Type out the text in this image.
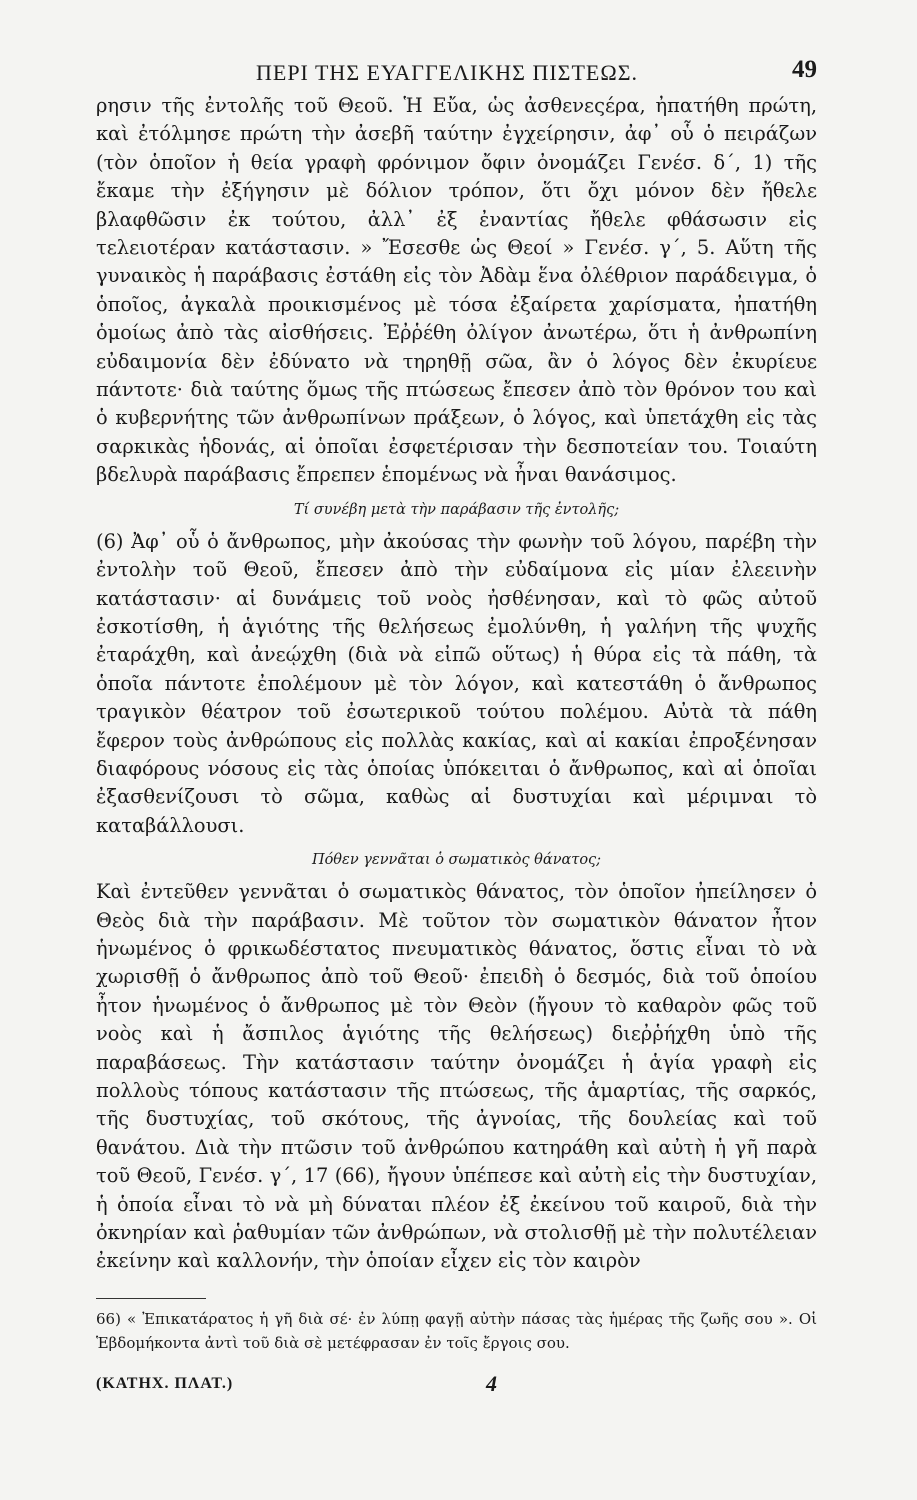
ΠΕΡΙ ΤΗΣ ΕΥΑΓΓΕΛΙΚΗΣ ΠΙΣΤΕΩΣ.	49

ρησιν τῆς ἐντολῆς τοῦ Θεοῦ. Ἡ Εὔα, ὡς ἀσθενεςέρα, ἠπατήθη πρώτη, καὶ ἐτόλμησε πρώτη τὴν ἀσεβῆ ταύτην ἐγχείρησιν, ἀφ᾽ οὗ ὁ πειράζων (τὸν ὁποῖον ἡ θεία γραφὴ φρόνιμον ὄφιν ὀνομάζει Γενέσ. δ΄, 1) τῆς ἔκαμε τὴν ἐξήγησιν μὲ δόλιον τρόπον, ὅτι ὄχι μόνον δὲν ἤθελε βλαφθῶσιν ἐκ τούτου, ἀλλ᾽ ἐξ ἐναντίας ἤθελε φθάσωσιν εἰς τελειοτέραν κατάστασιν. » Ἔσεσθε ὡς Θεοί » Γενέσ. γ΄, 5. Αὕτη τῆς γυναικὸς ἡ παράβασις ἐστάθη εἰς τὸν Ἀδὰμ ἕνα ὀλέθριον παράδειγμα, ὁ ὁποῖος, ἀγκαλὰ προικισμένος μὲ τόσα ἐξαίρετα χαρίσματα, ἠπατήθη ὁμοίως ἀπὸ τὰς αἰσθήσεις. Ἐῤῥέθη ὀλίγον ἀνωτέρω, ὅτι ἡ ἀνθρωπίνη εὐδαιμονία δὲν ἐδύνατο νὰ τηρηθῇ σῶα, ἂν ὁ λόγος δὲν ἐκυρίευε πάντοτε· διὰ ταύτης ὅμως τῆς πτώσεως ἔπεσεν ἀπὸ τὸν θρόνον του καὶ ὁ κυβερνήτης τῶν ἀνθρωπίνων πράξεων, ὁ λόγος, καὶ ὑπετάχθη εἰς τὰς σαρκικὰς ἡδονάς, αἱ ὁποῖαι ἐσφετέρισαν τὴν δεσποτείαν του. Τοιαύτη βδελυρὰ παράβασις ἔπρεπεν ἑπομένως νὰ ἦναι θανάσιμος.

Τί συνέβη μετὰ τὴν παράβασιν τῆς ἐντολῆς;

(6) Ἀφ᾽ οὗ ὁ ἄνθρωπος, μὴν ἀκούσας τὴν φωνὴν τοῦ λόγου, παρέβη τὴν ἐντολὴν τοῦ Θεοῦ, ἔπεσεν ἀπὸ τὴν εὐδαίμονα εἰς μίαν ἐλεεινὴν κατάστασιν· αἱ δυνάμεις τοῦ νοὸς ἠσθένησαν, καὶ τὸ φῶς αὐτοῦ ἐσκοτίσθη, ἡ ἁγιότης τῆς θελήσεως ἐμολύνθη, ἡ γαλήνη τῆς ψυχῆς ἐταράχθη, καὶ ἀνεῴχθη (διὰ νὰ εἰπῶ οὕτως) ἡ θύρα εἰς τὰ πάθη, τὰ ὁποῖα πάντοτε ἐπολέμουν μὲ τὸν λόγον, καὶ κατεστάθη ὁ ἄνθρωπος τραγικὸν θέατρον τοῦ ἐσωτερικοῦ τούτου πολέμου. Αὐτὰ τὰ πάθη ἔφερον τοὺς ἀνθρώπους εἰς πολλὰς κακίας, καὶ αἱ κακίαι ἐπροξένησαν διαφόρους νόσους εἰς τὰς ὁποίας ὑπόκειται ὁ ἄνθρωπος, καὶ αἱ ὁποῖαι ἐξασθενίζουσι τὸ σῶμα, καθὼς αἱ δυστυχίαι καὶ μέριμναι τὸ καταβάλλουσι.

Πόθεν γεννᾶται ὁ σωματικὸς θάνατος;

Καὶ ἐντεῦθεν γεννᾶται ὁ σωματικὸς θάνατος, τὸν ὁποῖον ἠπείλησεν ὁ Θεὸς διὰ τὴν παράβασιν. Μὲ τοῦτον τὸν σωματικὸν θάνατον ἦτον ἡνωμένος ὁ φρικωδέστατος πνευματικὸς θάνατος, ὅστις εἶναι τὸ νὰ χωρισθῇ ὁ ἄνθρωπος ἀπὸ τοῦ Θεοῦ· ἐπειδὴ ὁ δεσμός, διὰ τοῦ ὁποίου ἦτον ἡνωμένος ὁ ἄνθρωπος μὲ τὸν Θεὸν (ἤγουν τὸ καθαρὸν φῶς τοῦ νοὸς καὶ ἡ ἄσπιλος ἁγιότης τῆς θελήσεως) διεῤῥήχθη ὑπὸ τῆς παραβάσεως. Τὴν κατάστασιν ταύτην ὀνομάζει ἡ ἁγία γραφὴ εἰς πολλοὺς τόπους κατάστασιν τῆς πτώσεως, τῆς ἁμαρτίας, τῆς σαρκός, τῆς δυστυχίας, τοῦ σκότους, τῆς ἀγνοίας, τῆς δουλείας καὶ τοῦ θανάτου. Διὰ τὴν πτῶσιν τοῦ ἀνθρώπου κατηράθη καὶ αὐτὴ ἡ γῆ παρὰ τοῦ Θεοῦ, Γενέσ. γ΄, 17 (66), ἤγουν ὑπέπεσε καὶ αὐτὴ εἰς τὴν δυστυχίαν, ἡ ὁποία εἶναι τὸ νὰ μὴ δύναται πλέον ἐξ ἐκείνου τοῦ καιροῦ, διὰ τὴν ὀκνηρίαν καὶ ῥαθυμίαν τῶν ἀνθρώπων, νὰ στολισθῇ μὲ τὴν πολυτέλειαν ἐκείνην καὶ καλλονήν, τὴν ὁποίαν εἶχεν εἰς τὸν καιρὸν

66) « Ἐπικατάρατος ἡ γῆ διὰ σέ· ἐν λύπῃ φαγῇ αὐτὴν πάσας τὰς ἡμέρας τῆς ζωῆς σου ». Οἱ Ἑβδομήκοντα ἀντὶ τοῦ διὰ σὲ μετέφρασαν ἐν τοῖς ἔργοις σου.
(ΚΑΤΗΧ. ΠΛΑΤ.)	4
